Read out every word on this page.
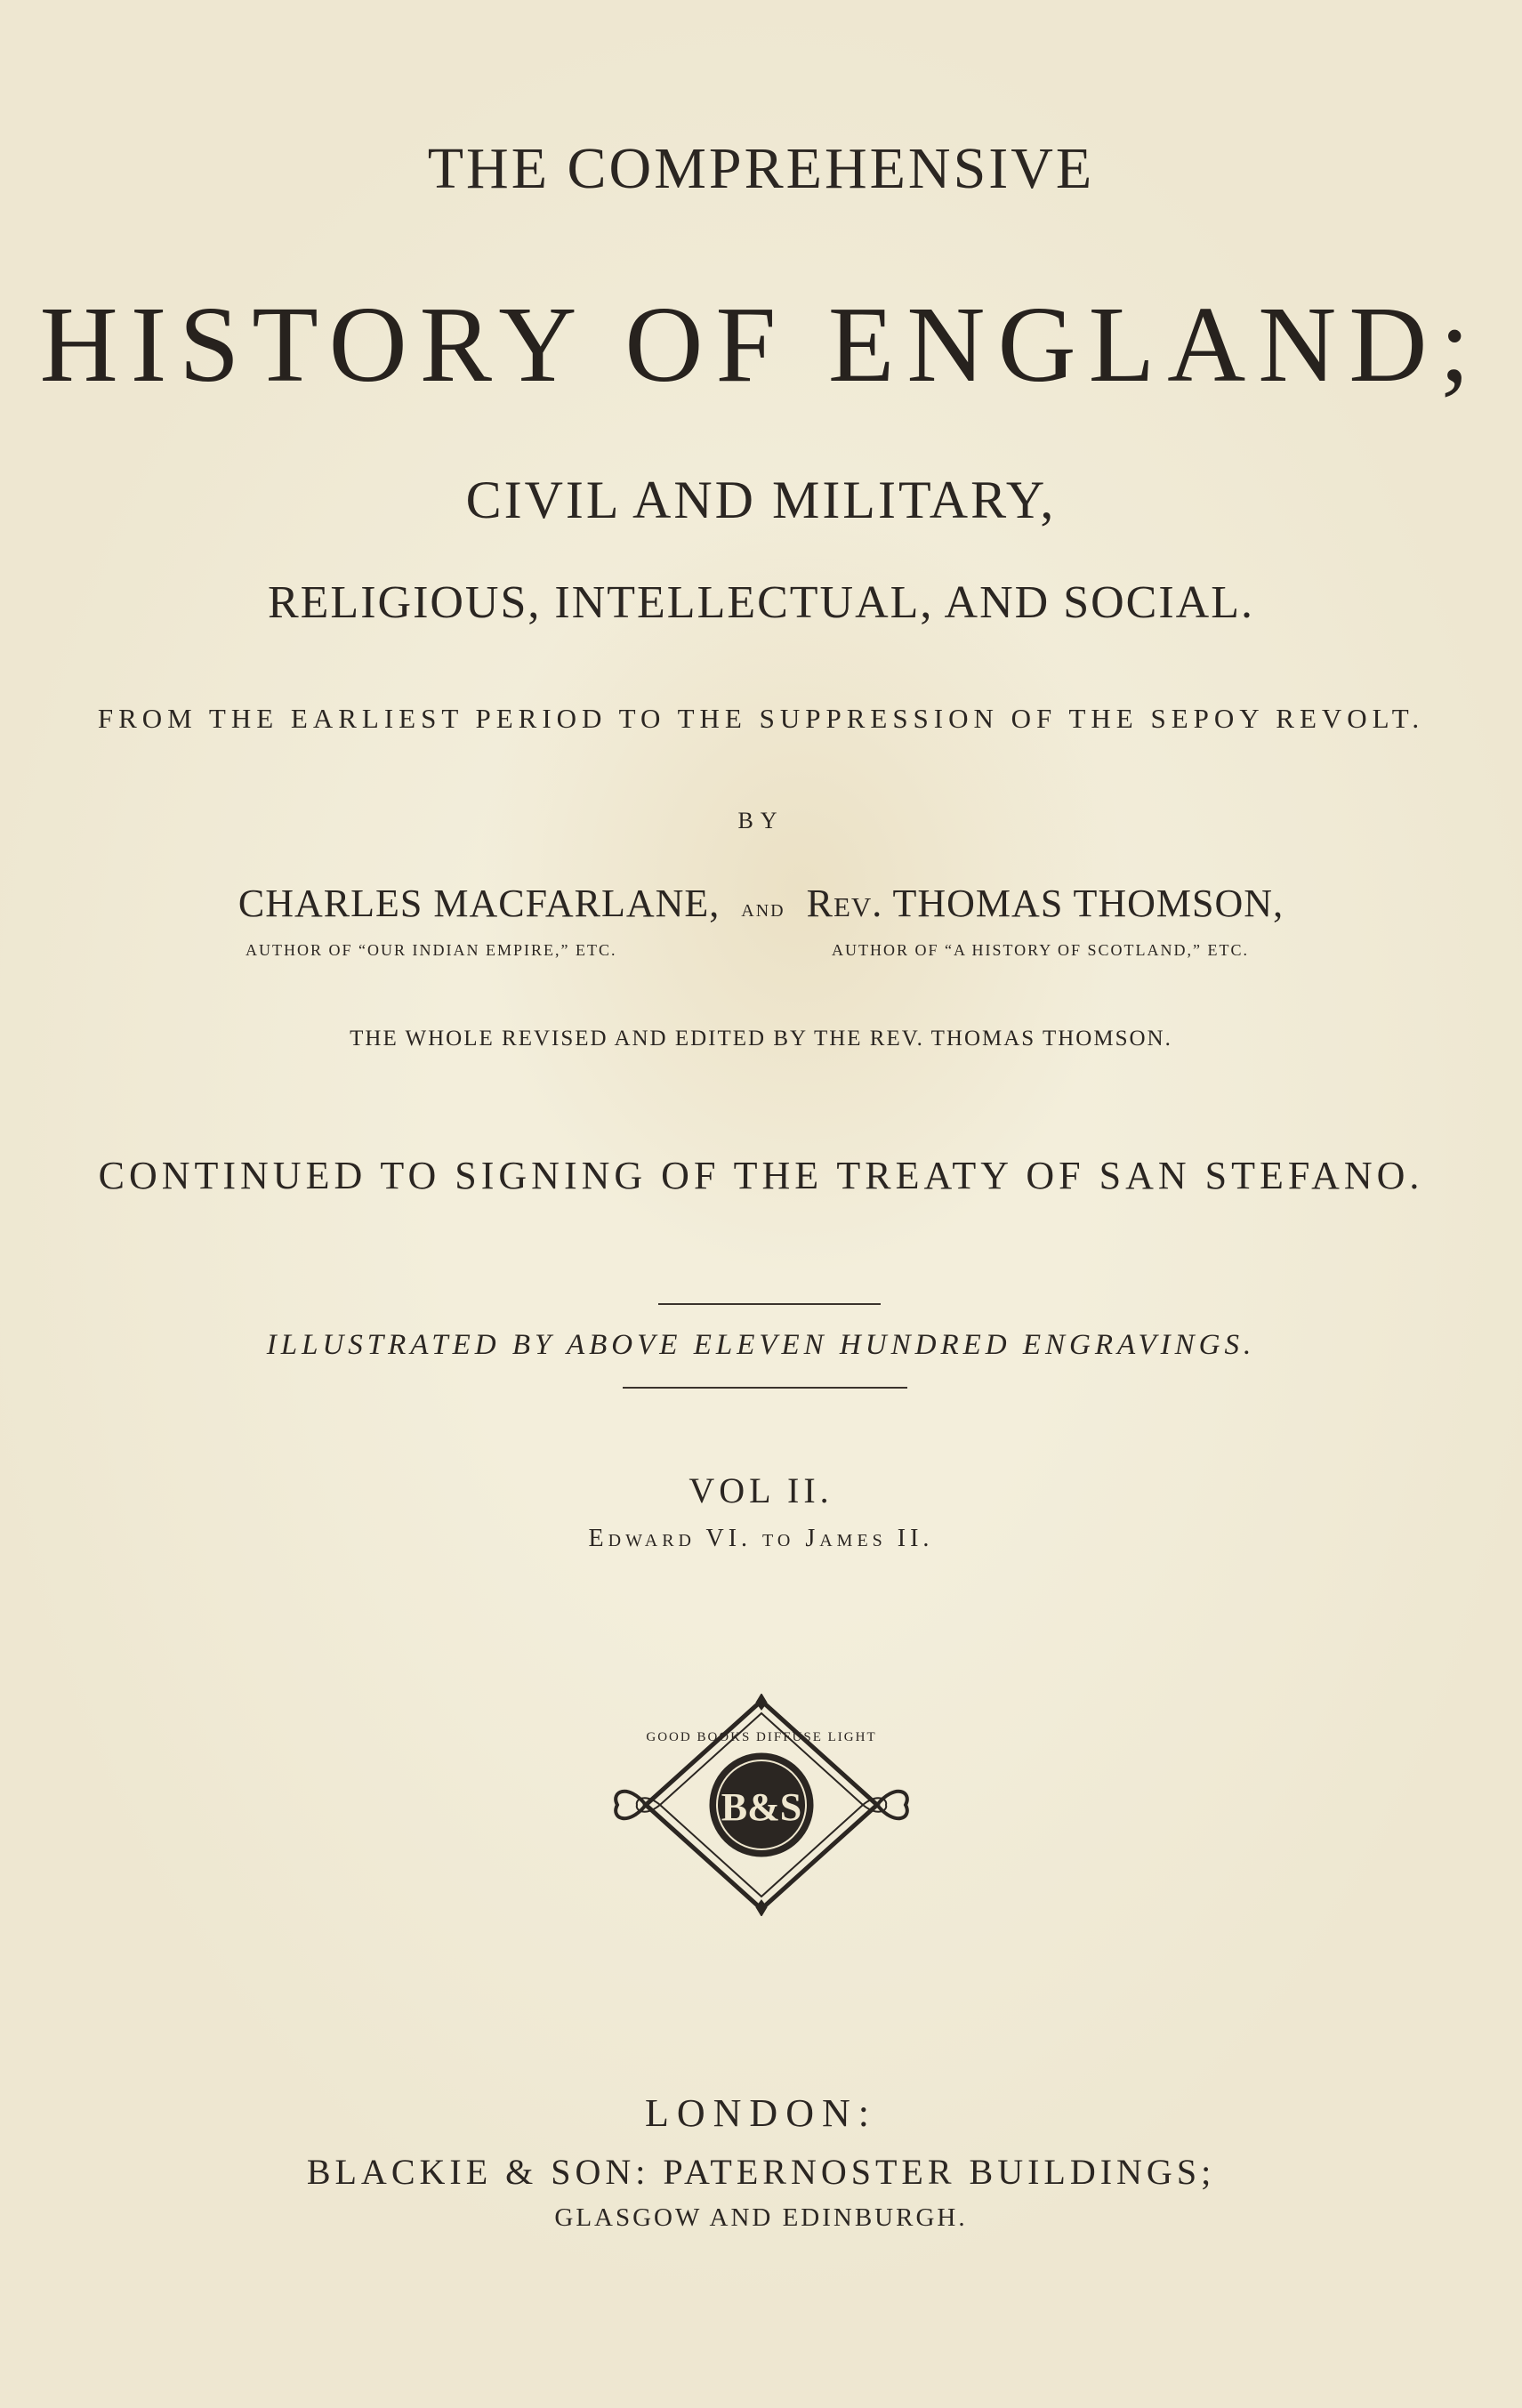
THE COMPREHENSIVE
HISTORY OF ENGLAND;
CIVIL AND MILITARY,
RELIGIOUS, INTELLECTUAL, AND SOCIAL.
FROM THE EARLIEST PERIOD TO THE SUPPRESSION OF THE SEPOY REVOLT.
BY
CHARLES MACFARLANE, AND Rev. THOMAS THOMSON,
AUTHOR OF “OUR INDIAN EMPIRE,” ETC.	AUTHOR OF “A HISTORY OF SCOTLAND,” ETC.
THE WHOLE REVISED AND EDITED BY THE REV. THOMAS THOMSON.
CONTINUED TO SIGNING OF THE TREATY OF SAN STEFANO.
ILLUSTRATED BY ABOVE ELEVEN HUNDRED ENGRAVINGS.
VOL II.
Edward VI. to James II.
B&S
GOOD BOOKS DIFFUSE LIGHT
LONDON:
BLACKIE & SON: PATERNOSTER BUILDINGS;
GLASGOW AND EDINBURGH.
